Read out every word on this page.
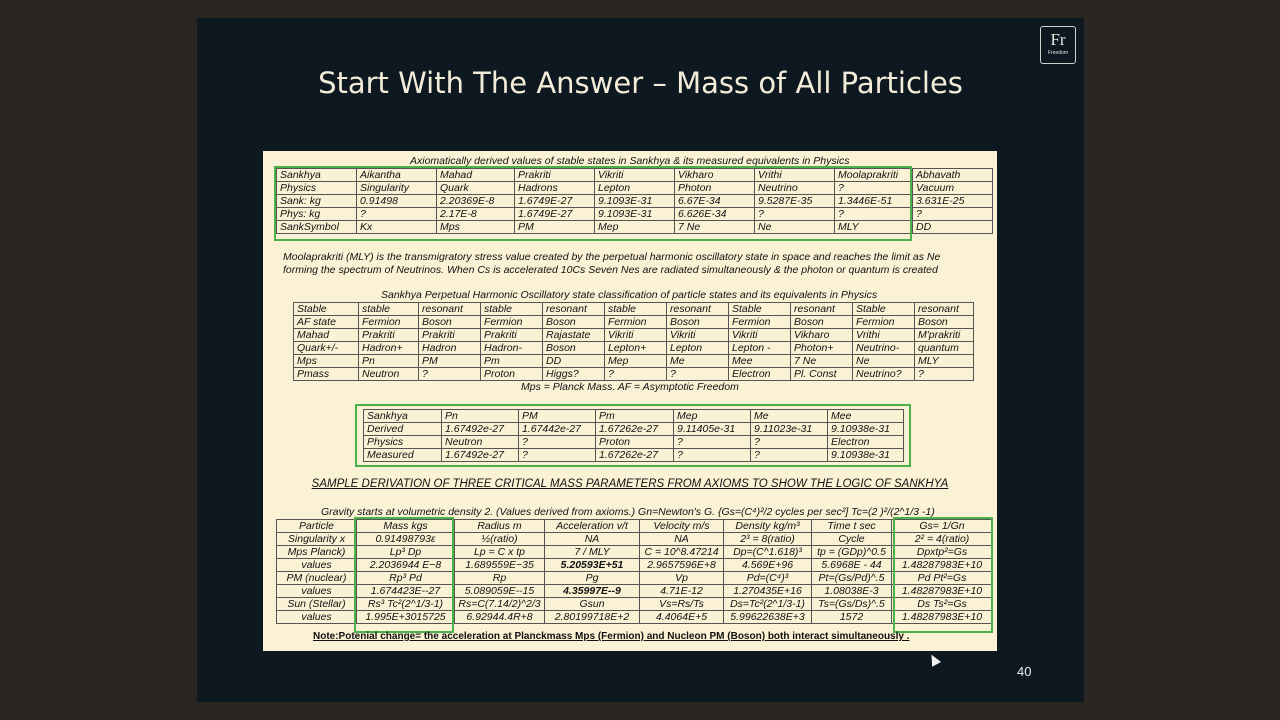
Start With The Answer – Mass of All Particles
Fr
Freedom
Axiomatically derived values of stable states in Sankhya & its measured equivalents in Physics
Sankhya	Aikantha	Mahad	Prakriti	Vikriti	Vikharo	Vrithi	Moolaprakriti	Abhavath
Physics	Singularity	Quark	Hadrons	Lepton	Photon	Neutrino	?	Vacuum
Sank: kg	0.91498	2.20369E-8	1.6749E-27	9.1093E-31	6.67E-34	9.5287E-35	1.3446E-51	3.631E-25
Phys: kg	?	2.17E-8	1.6749E-27	9.1093E-31	6.626E-34	?	?	?
SankSymbol	Kx	Mps	PM	Mep	7 Ne	Ne	MLY	DD
Moolaprakriti (MLY) is the transmigratory stress value created by the perpetual harmonic oscillatory state in space and reaches the limit as Ne
forming the spectrum of Neutrinos. When Cs is accelerated 10Cs Seven Nes are radiated simultaneously & the photon or quantum is created
Sankhya Perpetual Harmonic Oscillatory state classification of particle states and its equivalents in Physics
Stable	stable	resonant	stable	resonant	stable	resonant	Stable	resonant	Stable	resonant
AF state	Fermion	Boson	Fermion	Boson	Fermion	Boson	Fermion	Boson	Fermion	Boson
Mahad	Prakriti	Prakriti	Prakriti	Rajastate	Vikriti	Vikriti	Vikriti	Vikharo	Vrithi	M'prakriti
Quark+/-	Hadron+	Hadron	Hadron-	Boson	Lepton+	Lepton	Lepton -	Photon+	Neutrino-	quantum
Mps	Pn	PM	Pm	DD	Mep	Me	Mee	7 Ne	Ne	MLY
Pmass	Neutron	?	Proton	Higgs?	?	?	Electron	Pl. Const	Neutrino?	?
Mps = Planck Mass. AF = Asymptotic Freedom
Sankhya	Pn	PM	Pm	Mep	Me	Mee
Derived	1.67492e-27	1.67442e-27	1.67262e-27	9.11405e-31	9.11023e-31	9.10938e-31
Physics	Neutron	?	Proton	?	?	Electron
Measured	1.67492e-27	?	1.67262e-27	?	?	9.10938e-31
SAMPLE DERIVATION OF THREE CRITICAL MASS PARAMETERS FROM AXIOMS TO SHOW THE LOGIC OF SANKHYA
Gravity starts at volumetric density 2. (Values derived from axioms.) Gn=Newton's G. {Gs=(C⁴)²/2 cycles per sec²] Tc=(2 )²/(2^1/3 -1)
Particle	Mass kgs	Radius m	Acceleration v/t	Velocity m/s	Density kg/m³	Time t sec	Gs= 1/Gn
Singularity x	0.91498793ε	½(ratio)	NA	NA	2³ = 8(ratio)	Cycle	2² = 4(ratio)
Mps Planck)	Lp³ Dp	Lp = C x tp	7 / MLY	C = 10^8.47214	Dp=(C^1.618)³	tp = (GDp)^0.5	Dpxtp²=Gs
values	2.2036944 E−8	1.689559E−35	5.20593E+51	2.9657596E+8	4.569E+96	5.6968E - 44	1.48287983E+10
PM (nuclear)	Rp³ Pd	Rp	Pg	Vp	Pd=(C⁴)³	Pt=(Gs/Pd)^.5	Pd Pt²=Gs
values	1.674423E--27	5.089059E--15	4.35997E--9	4.71E-12	1.270435E+16	1.08038E-3	1.48287983E+10
Sun (Stellar)	Rs³ Tc²(2^1/3-1)	Rs=C(7.14/2)^2/3	Gsun	Vs=Rs/Ts	Ds=Tc²(2^1/3-1)	Ts=(Gs/Ds)^.5	Ds Ts²=Gs
values	1.995E+3015725	6.92944.4R+8	2.80199718E+2	4.4064E+5	5.99622638E+3	1572	1.48287983E+10
Note:Potenial change= the acceleration at Planckmass Mps (Fermion) and Nucleon PM (Boson) both interact simultaneously .
40
